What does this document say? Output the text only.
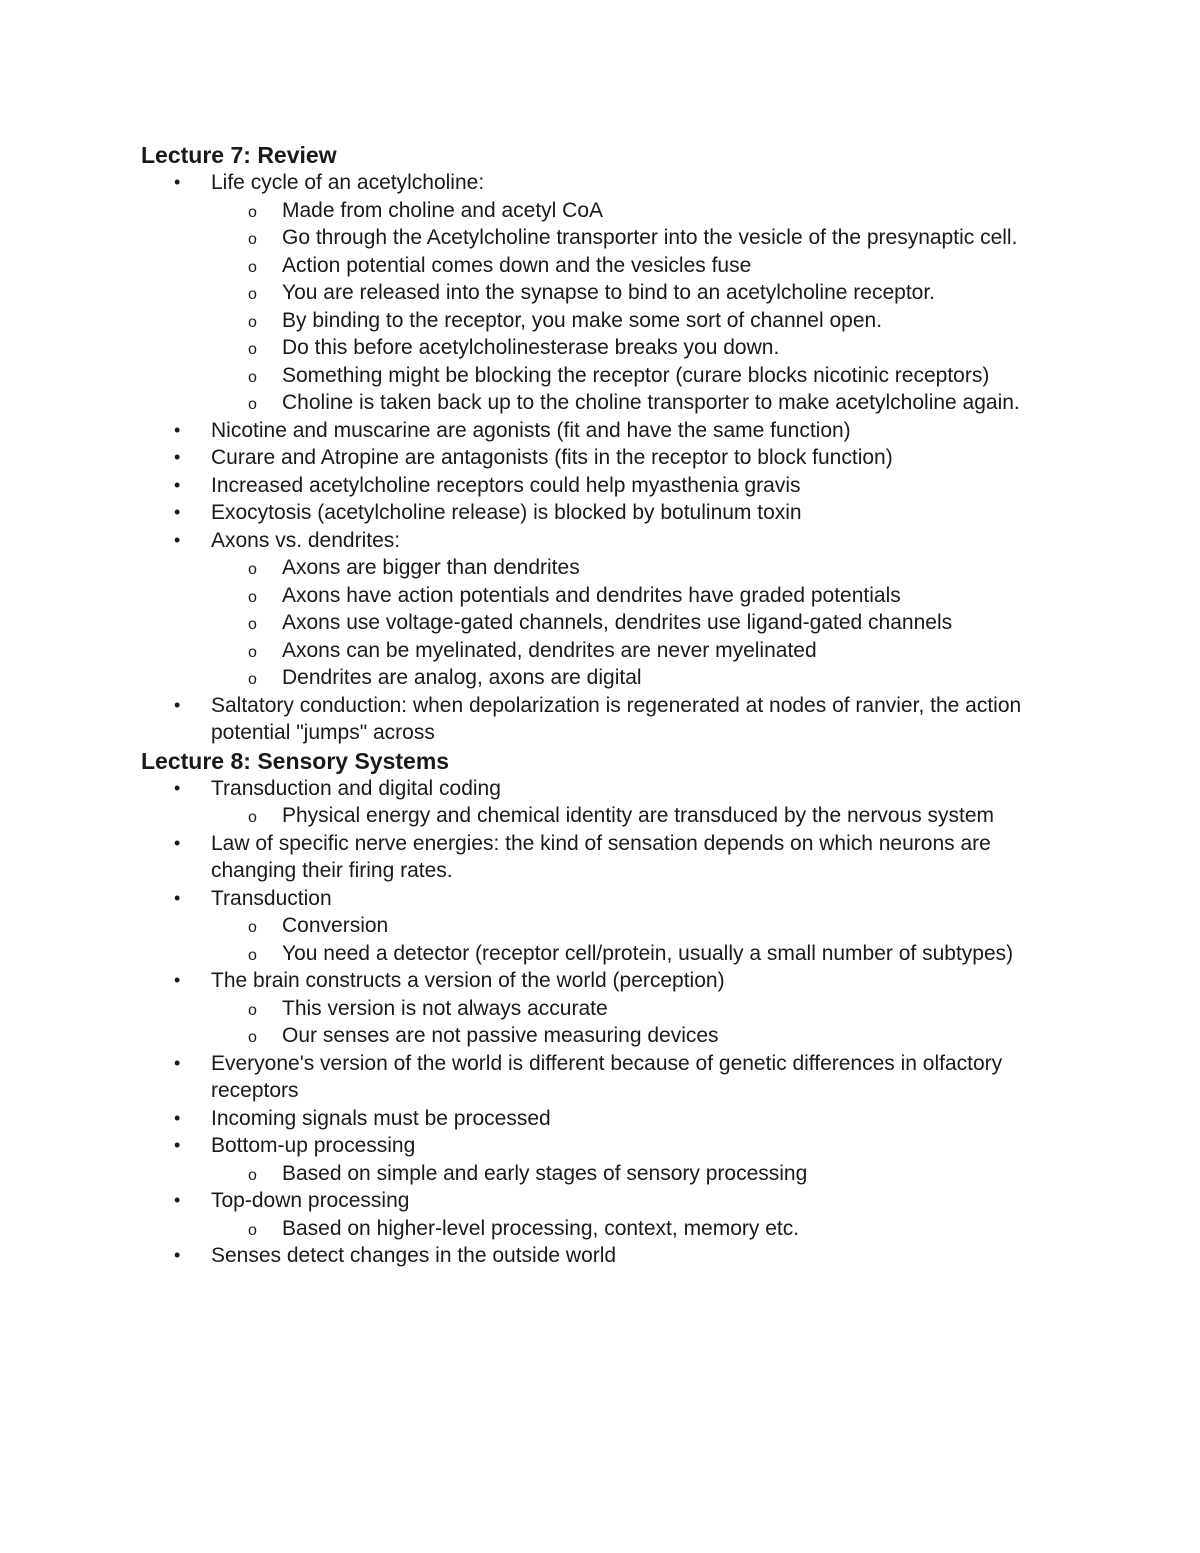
Lecture 7: Review
• Life cycle of an acetylcholine:
o Made from choline and acetyl CoA
o Go through the Acetylcholine transporter into the vesicle of the presynaptic cell.
o Action potential comes down and the vesicles fuse
o You are released into the synapse to bind to an acetylcholine receptor.
o By binding to the receptor, you make some sort of channel open.
o Do this before acetylcholinesterase breaks you down.
o Something might be blocking the receptor (curare blocks nicotinic receptors)
o Choline is taken back up to the choline transporter to make acetylcholine again.
• Nicotine and muscarine are agonists (fit and have the same function)
• Curare and Atropine are antagonists (fits in the receptor to block function)
• Increased acetylcholine receptors could help myasthenia gravis
• Exocytosis (acetylcholine release) is blocked by botulinum toxin
• Axons vs. dendrites:
o Axons are bigger than dendrites
o Axons have action potentials and dendrites have graded potentials
o Axons use voltage-gated channels, dendrites use ligand-gated channels
o Axons can be myelinated, dendrites are never myelinated
o Dendrites are analog, axons are digital
• Saltatory conduction: when depolarization is regenerated at nodes of ranvier, the action potential "jumps" across
Lecture 8: Sensory Systems
• Transduction and digital coding
o Physical energy and chemical identity are transduced by the nervous system
• Law of specific nerve energies: the kind of sensation depends on which neurons are changing their firing rates.
• Transduction
o Conversion
o You need a detector (receptor cell/protein, usually a small number of subtypes)
• The brain constructs a version of the world (perception)
o This version is not always accurate
o Our senses are not passive measuring devices
• Everyone's version of the world is different because of genetic differences in olfactory receptors
• Incoming signals must be processed
• Bottom-up processing
o Based on simple and early stages of sensory processing
• Top-down processing
o Based on higher-level processing, context, memory etc.
• Senses detect changes in the outside world
